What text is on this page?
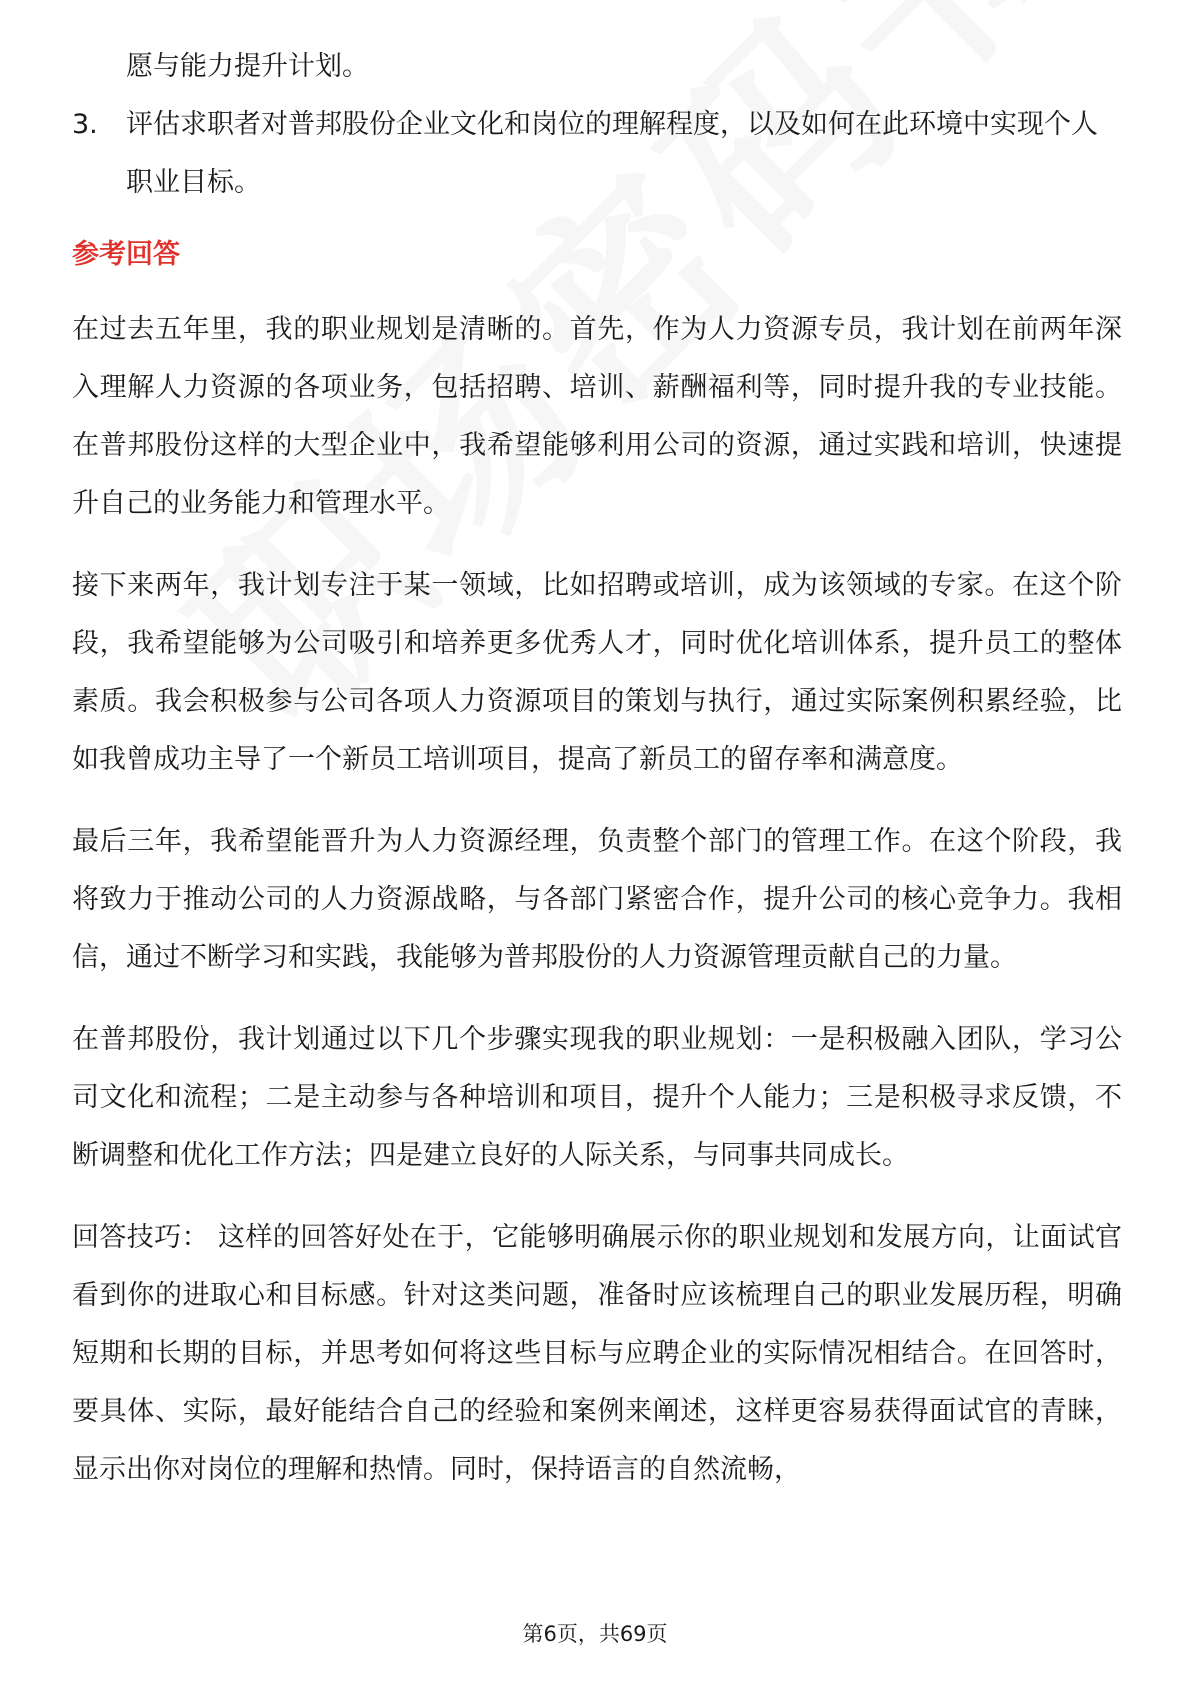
愿与能力提升计划。

3.	评估求职者对普邦股份企业文化和岗位的理解程度，以及如何在此环境中实现个人职业目标。
参考回答

在过去五年里，我的职业规划是清晰的。首先，作为人力资源专员，我计划在前两年深入理解人力资源的各项业务，包括招聘、培训、薪酬福利等，同时提升我的专业技能。在普邦股份这样的大型企业中，我希望能够利用公司的资源，通过实践和培训，快速提升自己的业务能力和管理水平。

接下来两年，我计划专注于某一领域，比如招聘或培训，成为该领域的专家。在这个阶段，我希望能够为公司吸引和培养更多优秀人才，同时优化培训体系，提升员工的整体素质。我会积极参与公司各项人力资源项目的策划与执行，通过实际案例积累经验，比如我曾成功主导了一个新员工培训项目，提高了新员工的留存率和满意度。

最后三年，我希望能晋升为人力资源经理，负责整个部门的管理工作。在这个阶段，我将致力于推动公司的人力资源战略，与各部门紧密合作，提升公司的核心竞争力。我相信，通过不断学习和实践，我能够为普邦股份的人力资源管理贡献自己的力量。

在普邦股份，我计划通过以下几个步骤实现我的职业规划：一是积极融入团队，学习公司文化和流程；二是主动参与各种培训和项目，提升个人能力；三是积极寻求反馈，不断调整和优化工作方法；四是建立良好的人际关系，与同事共同成长。

回答技巧： 这样的回答好处在于，它能够明确展示你的职业规划和发展方向，让面试官看到你的进取心和目标感。针对这类问题，准备时应该梳理自己的职业发展历程，明确短期和长期的目标，并思考如何将这些目标与应聘企业的实际情况相结合。在回答时，要具体、实际，最好能结合自己的经验和案例来阐述，这样更容易获得面试官的青睐，显示出你对岗位的理解和热情。同时，保持语言的自然流畅，

第6页，共69页
